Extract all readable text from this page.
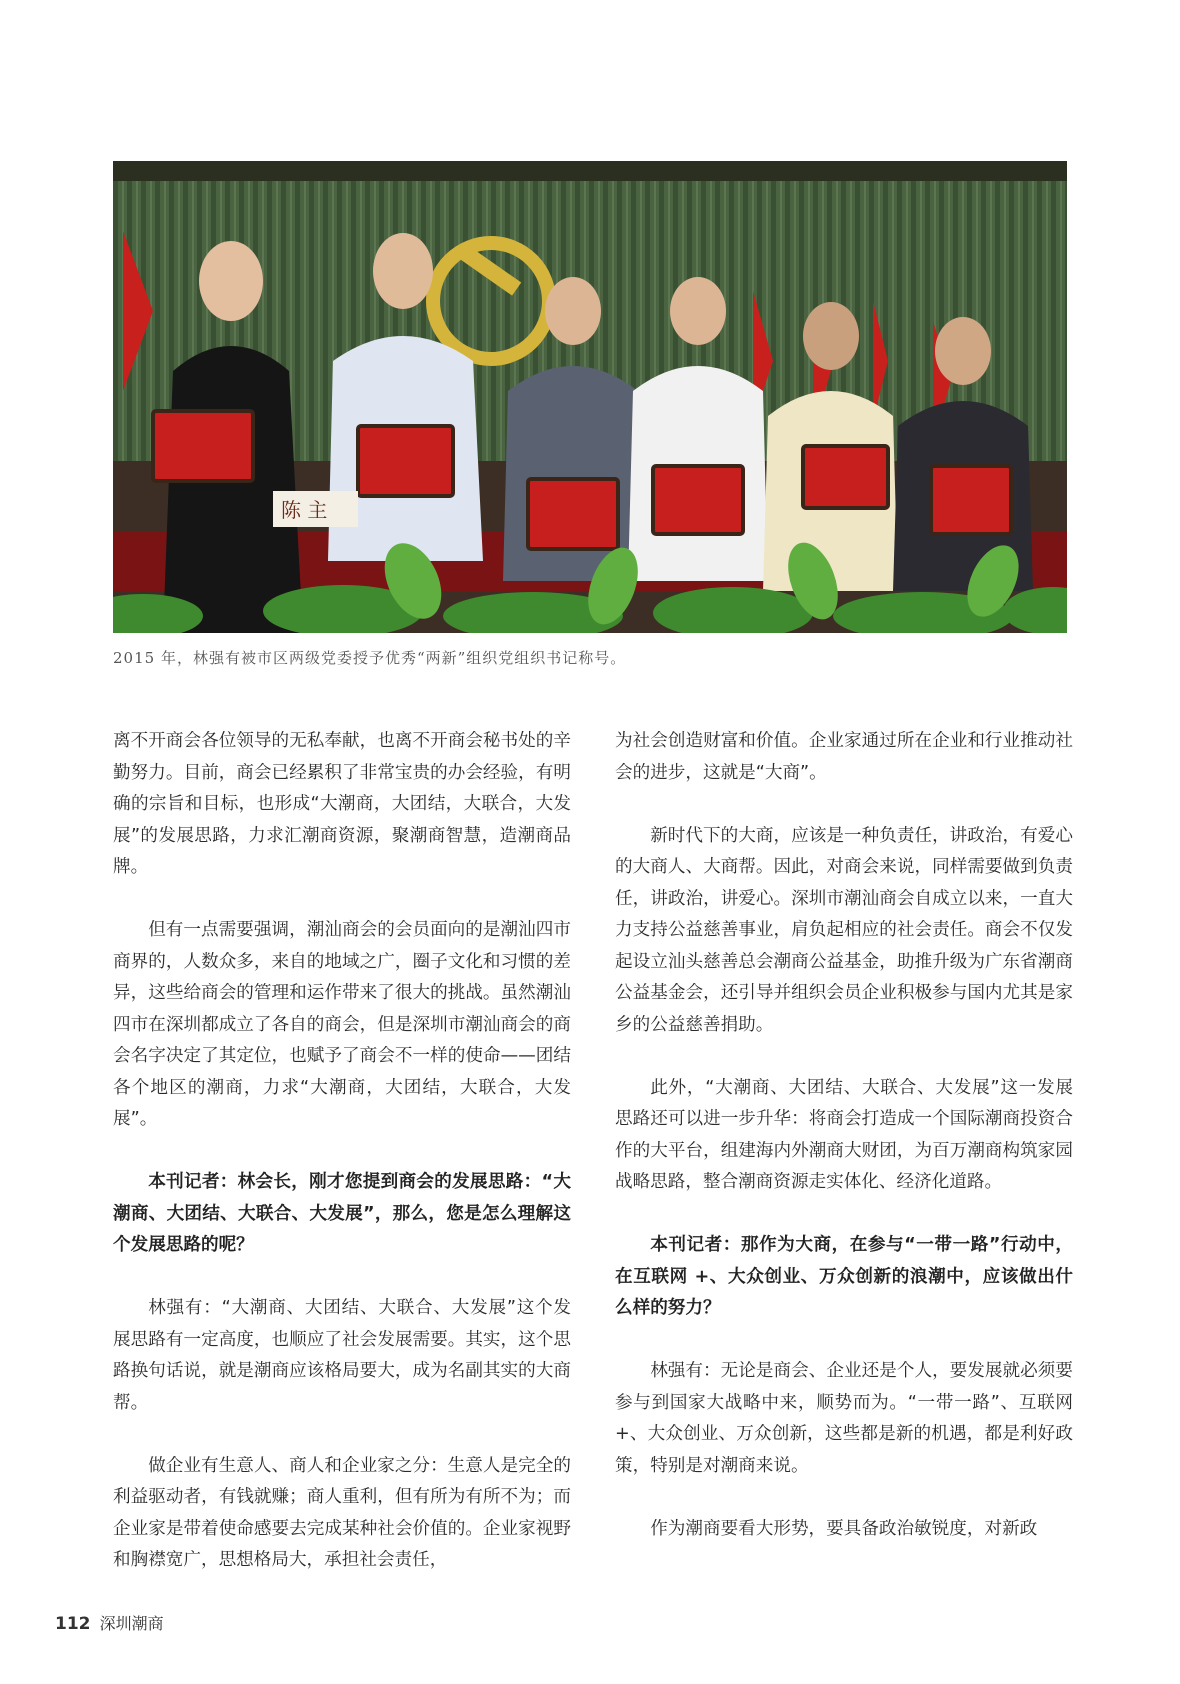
陈 主
2015 年，林强有被市区两级党委授予优秀“两新”组织党组织书记称号。

离不开商会各位领导的无私奉献，也离不开商会秘书处的辛勤努力。目前，商会已经累积了非常宝贵的办会经验，有明确的宗旨和目标，也形成“大潮商，大团结，大联合，大发展”的发展思路，力求汇潮商资源，聚潮商智慧，造潮商品牌。

但有一点需要强调，潮汕商会的会员面向的是潮汕四市商界的，人数众多，来自的地域之广，圈子文化和习惯的差异，这些给商会的管理和运作带来了很大的挑战。虽然潮汕四市在深圳都成立了各自的商会，但是深圳市潮汕商会的商会名字决定了其定位，也赋予了商会不一样的使命——团结各个地区的潮商，力求“大潮商，大团结，大联合，大发展”。

本刊记者：林会长，刚才您提到商会的发展思路：“大潮商、大团结、大联合、大发展”，那么，您是怎么理解这个发展思路的呢？

林强有：“大潮商、大团结、大联合、大发展”这个发展思路有一定高度，也顺应了社会发展需要。其实，这个思路换句话说，就是潮商应该格局要大，成为名副其实的大商帮。

做企业有生意人、商人和企业家之分：生意人是完全的利益驱动者，有钱就赚；商人重利，但有所为有所不为；而企业家是带着使命感要去完成某种社会价值的。企业家视野和胸襟宽广，思想格局大，承担社会责任，

为社会创造财富和价值。企业家通过所在企业和行业推动社会的进步，这就是“大商”。

新时代下的大商，应该是一种负责任，讲政治，有爱心的大商人、大商帮。因此，对商会来说，同样需要做到负责任，讲政治，讲爱心。深圳市潮汕商会自成立以来，一直大力支持公益慈善事业，肩负起相应的社会责任。商会不仅发起设立汕头慈善总会潮商公益基金，助推升级为广东省潮商公益基金会，还引导并组织会员企业积极参与国内尤其是家乡的公益慈善捐助。

此外，“大潮商、大团结、大联合、大发展”这一发展思路还可以进一步升华：将商会打造成一个国际潮商投资合作的大平台，组建海内外潮商大财团，为百万潮商构筑家园战略思路，整合潮商资源走实体化、经济化道路。

本刊记者：那作为大商，在参与“一带一路”行动中，在互联网 +、大众创业、万众创新的浪潮中，应该做出什么样的努力？

林强有：无论是商会、企业还是个人，要发展就必须要参与到国家大战略中来，顺势而为。“一带一路”、互联网 +、大众创业、万众创新，这些都是新的机遇，都是利好政策，特别是对潮商来说。

作为潮商要看大形势，要具备政治敏锐度，对新政

112 深圳潮商
